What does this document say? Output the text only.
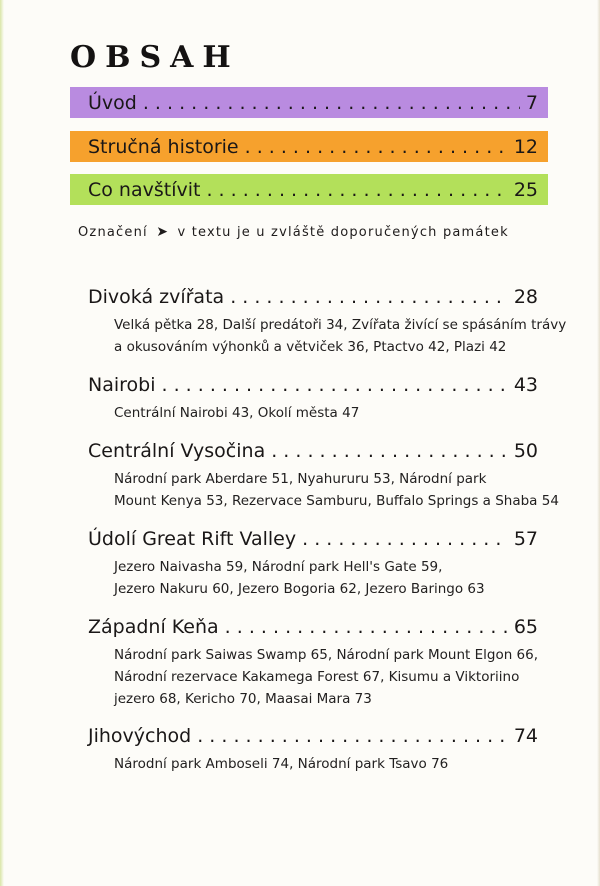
OBSAH
Úvod . . .	7
Stručná historie . . .	12
Co navštívit . . .	25
Označení ➤ v textu je u zvláště doporučených památek
Divoká zvířata . . .	28
Velká pětka 28, Další predátoři 34, Zvířata živící se spásáním trávy
a okusováním výhonků a větviček 36, Ptactvo 42, Plazi 42
Nairobi . . .	43
Centrální Nairobi 43, Okolí města 47
Centrální Vysočina . . .	50
Národní park Aberdare 51, Nyahururu 53, Národní park
Mount Kenya 53, Rezervace Samburu, Buffalo Springs a Shaba 54
Údolí Great Rift Valley . . .	57
Jezero Naivasha 59, Národní park Hell's Gate 59,
Jezero Nakuru 60, Jezero Bogoria 62, Jezero Baringo 63
Západní Keňa . . .	65
Národní park Saiwas Swamp 65, Národní park Mount Elgon 66,
Národní rezervace Kakamega Forest 67, Kisumu a Viktoriino
jezero 68, Kericho 70, Maasai Mara 73
Jihovýchod . . .	74
Národní park Amboseli 74, Národní park Tsavo 76
